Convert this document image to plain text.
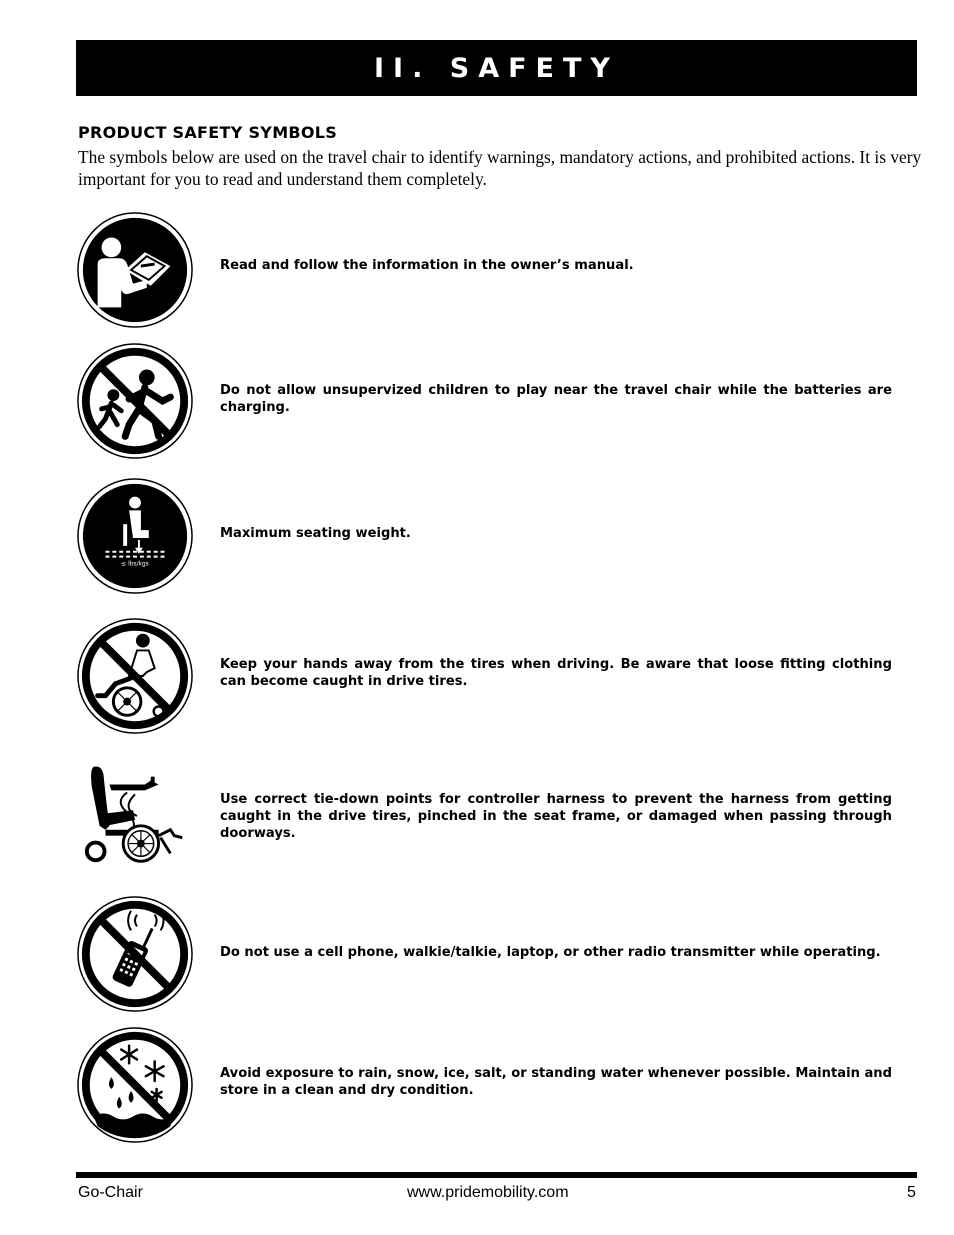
II. SAFETY
PRODUCT SAFETY SYMBOLS
The symbols below are used on the travel chair to identify warnings, mandatory actions, and prohibited actions. It is very important for you to read and understand them completely.
Read and follow the information in the owner’s manual.
Do not allow unsupervized children to play near the travel chair while the batteries are charging.
≤ lbs/kgs
Maximum seating weight.
Keep your hands away from the tires when driving. Be aware that loose fitting clothing can become caught in drive tires.
Use correct tie-down points for controller harness to prevent the harness from getting caught in the drive tires, pinched in the seat frame, or damaged when passing through doorways.
Do not use a cell phone, walkie/talkie, laptop, or other radio transmitter while operating.
Avoid exposure to rain, snow, ice, salt, or standing water whenever possible. Maintain and store in a clean and dry condition.
Go-Chair	www.pridemobility.com	5
